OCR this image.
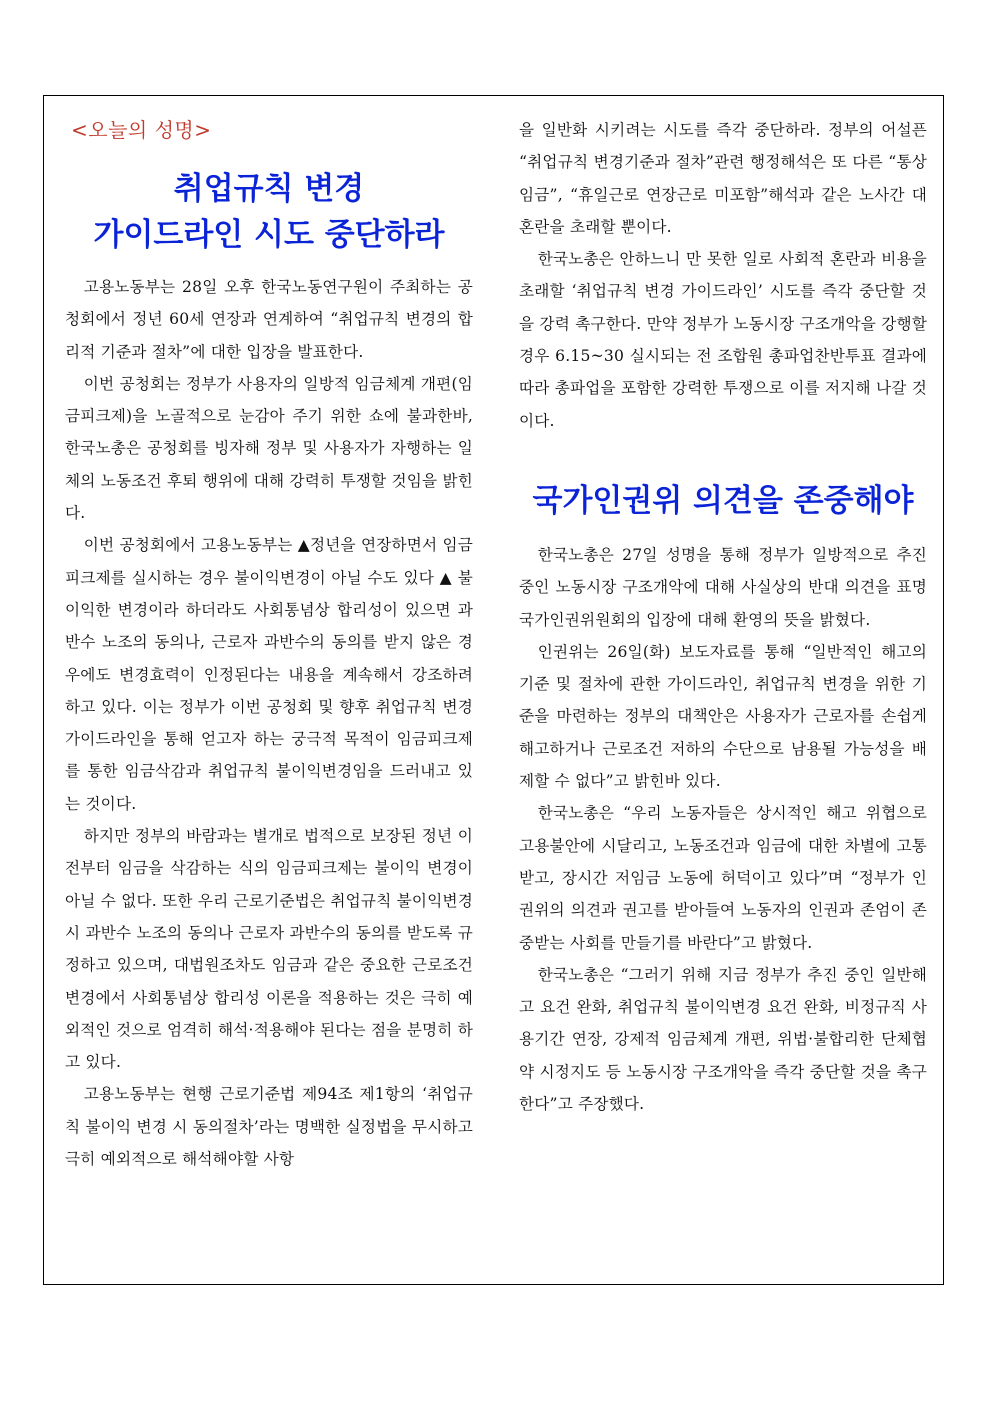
<오늘의 성명>
취업규칙 변경
가이드라인 시도 중단하라

고용노동부는 28일 오후 한국노동연구원이 주최하는 공청회에서 정년 60세 연장과 연계하여 “취업규칙 변경의 합리적 기준과 절차”에 대한 입장을 발표한다.

이번 공청회는 정부가 사용자의 일방적 임금체계 개편(임금피크제)을 노골적으로 눈감아 주기 위한 쇼에 불과한바, 한국노총은 공청회를 빙자해 정부 및 사용자가 자행하는 일체의 노동조건 후퇴 행위에 대해 강력히 투쟁할 것임을 밝힌다.

이번 공청회에서 고용노동부는 ▲정년을 연장하면서 임금피크제를 실시하는 경우 불이익변경이 아닐 수도 있다 ▲ 불이익한 변경이라 하더라도 사회통념상 합리성이 있으면 과반수 노조의 동의나, 근로자 과반수의 동의를 받지 않은 경우에도 변경효력이 인정된다는 내용을 계속해서 강조하려 하고 있다. 이는 정부가 이번 공청회 및 향후 취업규칙 변경가이드라인을 통해 얻고자 하는 궁극적 목적이 임금피크제를 통한 임금삭감과 취업규칙 불이익변경임을 드러내고 있는 것이다.

하지만 정부의 바람과는 별개로 법적으로 보장된 정년 이전부터 임금을 삭감하는 식의 임금피크제는 불이익 변경이 아닐 수 없다. 또한 우리 근로기준법은 취업규칙 불이익변경 시 과반수 노조의 동의나 근로자 과반수의 동의를 받도록 규정하고 있으며, 대법원조차도 임금과 같은 중요한 근로조건 변경에서 사회통념상 합리성 이론을 적용하는 것은 극히 예외적인 것으로 엄격히 해석·적용해야 된다는 점을 분명히 하고 있다.

고용노동부는 현행 근로기준법 제94조 제1항의 ‘취업규칙 불이익 변경 시 동의절차’라는 명백한 실정법을 무시하고 극히 예외적으로 해석해야할 사항

을 일반화 시키려는 시도를 즉각 중단하라. 정부의 어설픈 “취업규칙 변경기준과 절차”관련 행정해석은 또 다른 “통상임금”, “휴일근로 연장근로 미포함”해석과 같은 노사간 대혼란을 초래할 뿐이다.

한국노총은 안하느니 만 못한 일로 사회적 혼란과 비용을 초래할 ‘취업규칙 변경 가이드라인’ 시도를 즉각 중단할 것을 강력 촉구한다. 만약 정부가 노동시장 구조개악을 강행할 경우 6.15~30 실시되는 전 조합원 총파업찬반투표 결과에 따라 총파업을 포함한 강력한 투쟁으로 이를 저지해 나갈 것이다.

국가인권위 의견을 존중해야

한국노총은 27일 성명을 통해 정부가 일방적으로 추진 중인 노동시장 구조개악에 대해 사실상의 반대 의견을 표명 국가인권위원회의 입장에 대해 환영의 뜻을 밝혔다.

인권위는 26일(화) 보도자료를 통해 “일반적인 해고의 기준 및 절차에 관한 가이드라인, 취업규칙 변경을 위한 기준을 마련하는 정부의 대책안은 사용자가 근로자를 손쉽게 해고하거나 근로조건 저하의 수단으로 남용될 가능성을 배제할 수 없다”고 밝힌바 있다.

한국노총은 “우리 노동자들은 상시적인 해고 위협으로 고용불안에 시달리고, 노동조건과 임금에 대한 차별에 고통받고, 장시간 저임금 노동에 허덕이고 있다”며 “정부가 인권위의 의견과 권고를 받아들여 노동자의 인권과 존엄이 존중받는 사회를 만들기를 바란다”고 밝혔다.

한국노총은 “그러기 위해 지금 정부가 추진 중인 일반해고 요건 완화, 취업규칙 불이익변경 요건 완화, 비정규직 사용기간 연장, 강제적 임금체계 개편, 위법·불합리한 단체협약 시정지도 등 노동시장 구조개악을 즉각 중단할 것을 촉구한다”고 주장했다.
